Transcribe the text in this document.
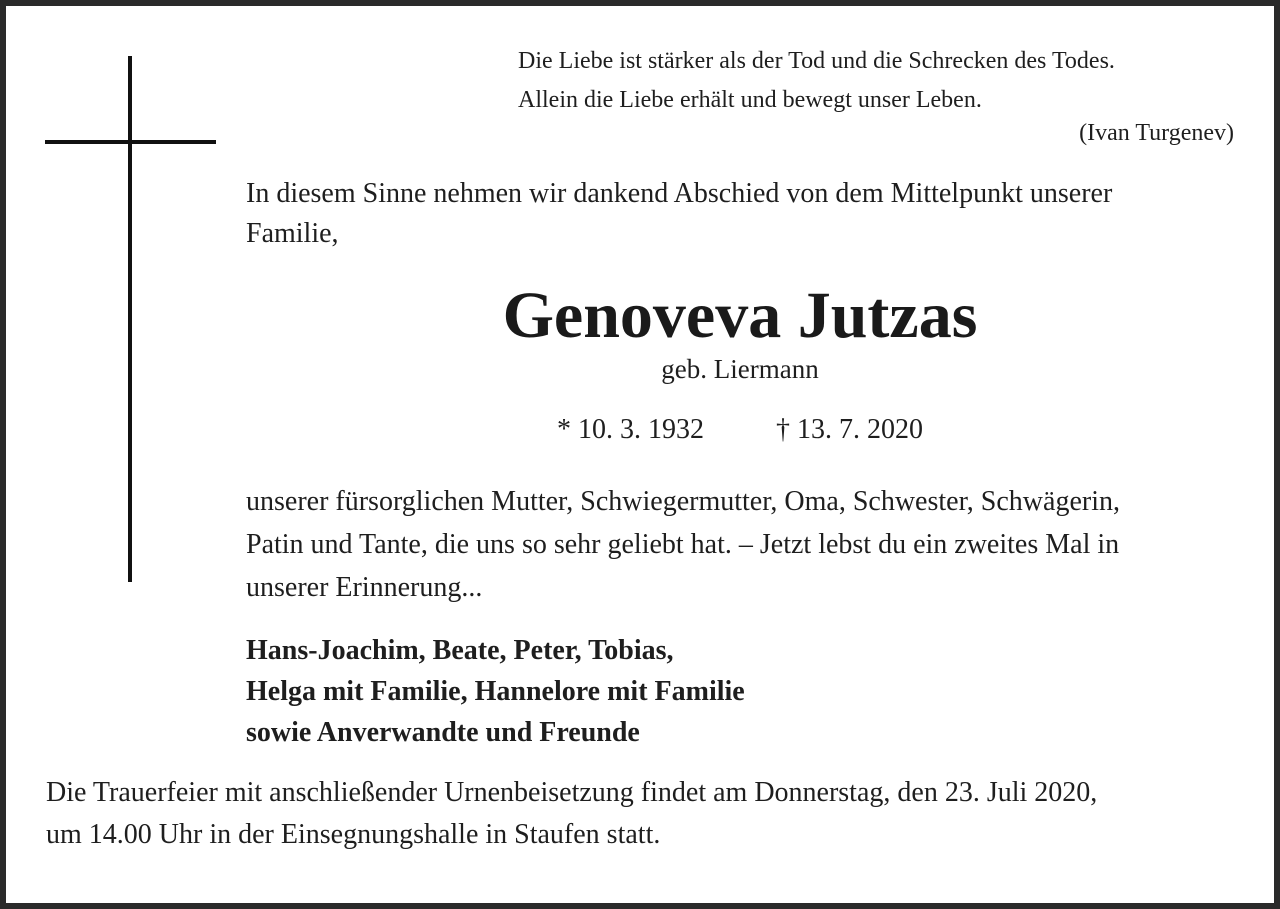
Die Liebe ist stärker als der Tod und die Schrecken des Todes.
Allein die Liebe erhält und bewegt unser Leben.
(Ivan Turgenev)
In diesem Sinne nehmen wir dankend Abschied von dem Mittelpunkt unserer
Familie,
Genoveva Jutzas
geb. Liermann
* 10. 3. 1932	† 13. 7. 2020
unserer fürsorglichen Mutter, Schwiegermutter, Oma, Schwester, Schwägerin,
Patin und Tante, die uns so sehr geliebt hat. – Jetzt lebst du ein zweites Mal in
unserer Erinnerung...
Hans-Joachim, Beate, Peter, Tobias,
Helga mit Familie, Hannelore mit Familie
sowie Anverwandte und Freunde
Die Trauerfeier mit anschließender Urnenbeisetzung findet am Donnerstag, den 23. Juli 2020,
um 14.00 Uhr in der Einsegnungshalle in Staufen statt.
